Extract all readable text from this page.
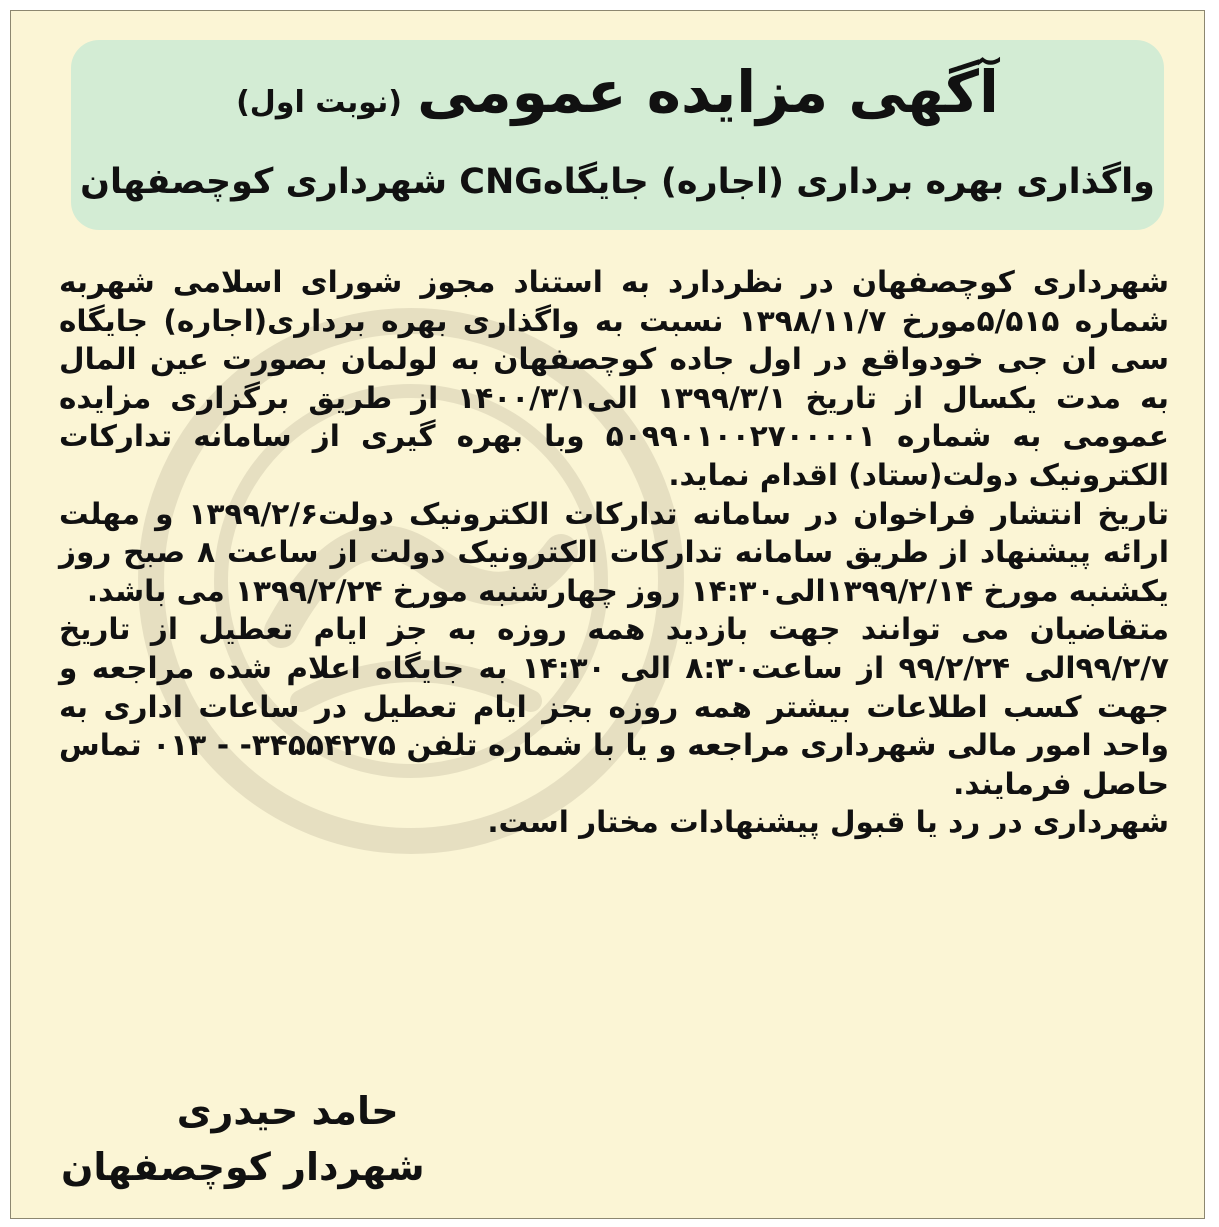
آگهی مزایده عمومی (نوبت اول)
واگذاری بهره برداری (اجاره) جایگاهCNG شهرداری کوچصفهان

شهرداری کوچصفهان در نظردارد به استناد مجوز شورای اسلامی شهربه شماره ۵/۵۱۵مورخ ۱۳۹۸/۱۱/۷ نسبت به واگذاری بهره برداری(اجاره) جایگاه سی ان جی خودواقع در اول جاده کوچصفهان به لولمان بصورت عین المال به مدت یکسال از تاریخ ۱۳۹۹/۳/۱ الی۱۴۰۰/۳/۱ از طریق برگزاری مزایده عمومی به شماره ۵۰۹۹۰۱۰۰۲۷۰۰۰۰۱ وبا بهره گیری از سامانه تدارکات الکترونیک دولت(ستاد) اقدام نماید.

تاریخ انتشار فراخوان در سامانه تدارکات الکترونیک دولت۱۳۹۹/۲/۶ و مهلت ارائه پیشنهاد از طریق سامانه تدارکات الکترونیک دولت از ساعت ۸ صبح روز یکشنبه مورخ ۱۳۹۹/۲/۱۴الی۱۴:۳۰ روز چهارشنبه مورخ ۱۳۹۹/۲/۲۴ می باشد.

متقاضیان می توانند جهت بازدید همه روزه به جز ایام تعطیل از تاریخ ۹۹/۲/۷الی ۹۹/۲/۲۴ از ساعت۸:۳۰ الی ۱۴:۳۰ به جایگاه اعلام شده مراجعه و جهت کسب اطلاعات بیشتر همه روزه بجز ایام تعطیل در ساعات اداری به واحد امور مالی شهرداری مراجعه و یا با شماره تلفن ۳۴۵۵۴۲۷۵- - ۰۱۳ تماس حاصل فرمایند.

شهرداری در رد یا قبول پیشنهادات مختار است.

حامد حیدری
شهردار کوچصفهان
